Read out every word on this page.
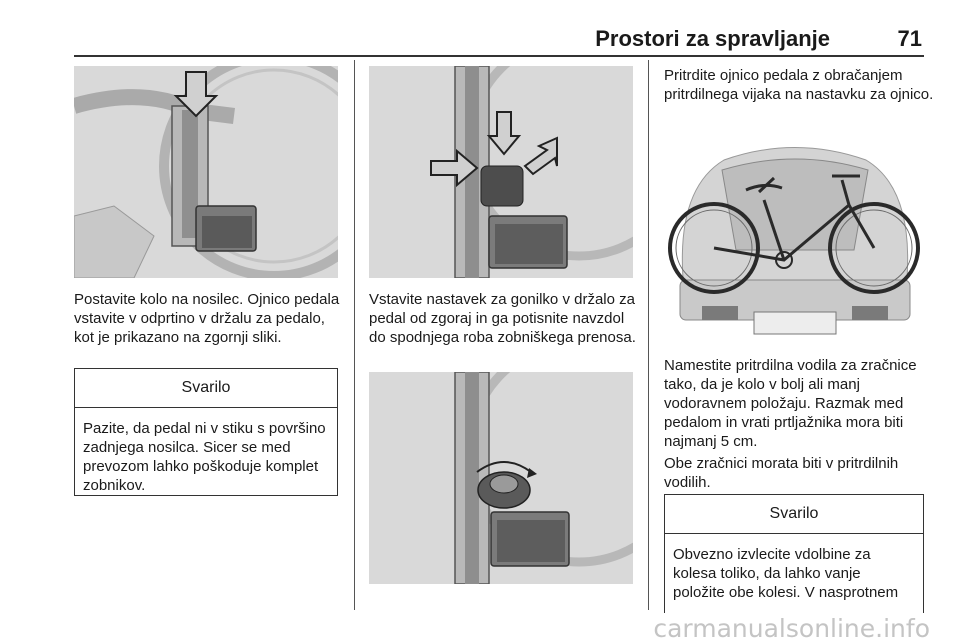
Prostori za spravljanje	71

Postavite kolo na nosilec. Ojnico pedala vstavite v odprtino v držalu za pedalo, kot je prikazano na zgornji sliki.

Svarilo

Pazite, da pedal ni v stiku s površino zadnjega nosilca. Sicer se med prevozom lahko poškoduje komplet zobnikov.

Vstavite nastavek za gonilko v držalo za pedal od zgoraj in ga potisnite navzdol do spodnjega roba zobniškega prenosa.

Pritrdite ojnico pedala z obračanjem pritrdilnega vijaka na nastavku za ojnico.

Namestite pritrdilna vodila za zračnice tako, da je kolo v bolj ali manj vodoravnem položaju. Razmak med pedalom in vrati prtljažnika mora biti najmanj 5 cm.

Obe zračnici morata biti v pritrdilnih vodilih.

Svarilo

Obvezno izvlecite vdolbine za kolesa toliko, da lahko vanje položite obe kolesi. V nasprotnem

carmanualsonline.info
